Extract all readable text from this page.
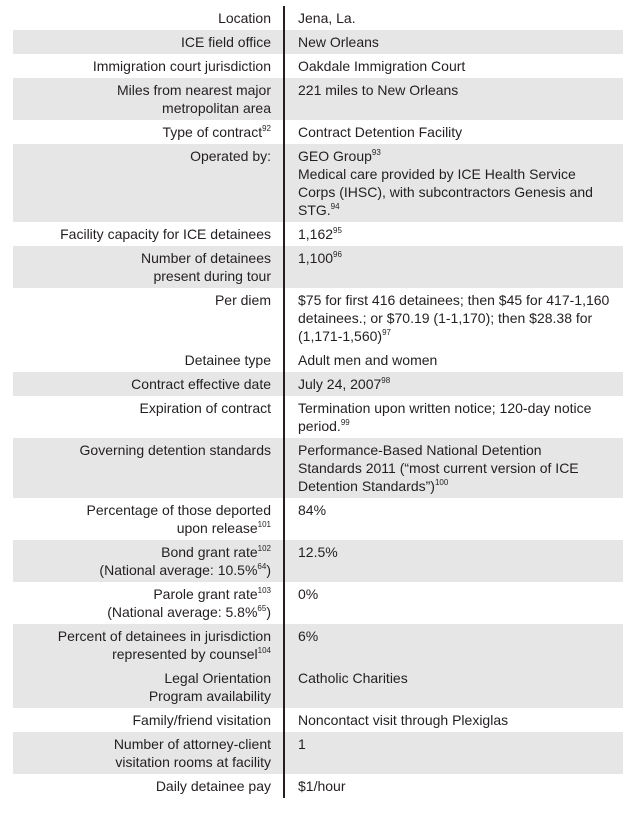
Location Jena, La.
ICE field office New Orleans
Immigration court jurisdiction Oakdale Immigration Court
Miles from nearest major
metropolitan area
221 miles to New Orleans
Type of contract$^{92}$ Contract Detention Facility
Operated by: GEO Group$^{93}$
Medical care provided by ICE Health Service
Corps (IHSC), with subcontractors Genesis and
STG.$^{94}$
Facility capacity for ICE detainees 1,162$^{95}$
Number of detainees
present during tour
1,100$^{96}$
Per diem $75 for first 416 detainees; then $45 for 417-1,160
detainees.; or $70.19 (1-1,170); then $28.38 for
$(1,171-1,560)^{97}$
Detainee type Adult men and women
Contract effective date July 24, 2007$^{98}$
Expiration of contract Termination upon written notice; 120-day notice
period.$^{99}$
Governing detention standards Performance-Based National Detention
Standards 2011 (“most current version of ICE
Detention Standards”)$^{100}$
Percentage of those deported
upon release$^{101}$
84%
Bond grant rate$^{102}$
(National average: 10.5%$^{64}$)
12.5%
Parole grant rate$^{103}$
(National average: 5.8%$^{65}$)
0%
Percent of detainees in jurisdiction
represented by counsel$^{104}$
6%
Legal Orientation
Program availability
Catholic Charities
Family/friend visitation Noncontact visit through Plexiglas
Number of attorney-client
visitation rooms at facility
1
Daily detainee pay $1/hour
